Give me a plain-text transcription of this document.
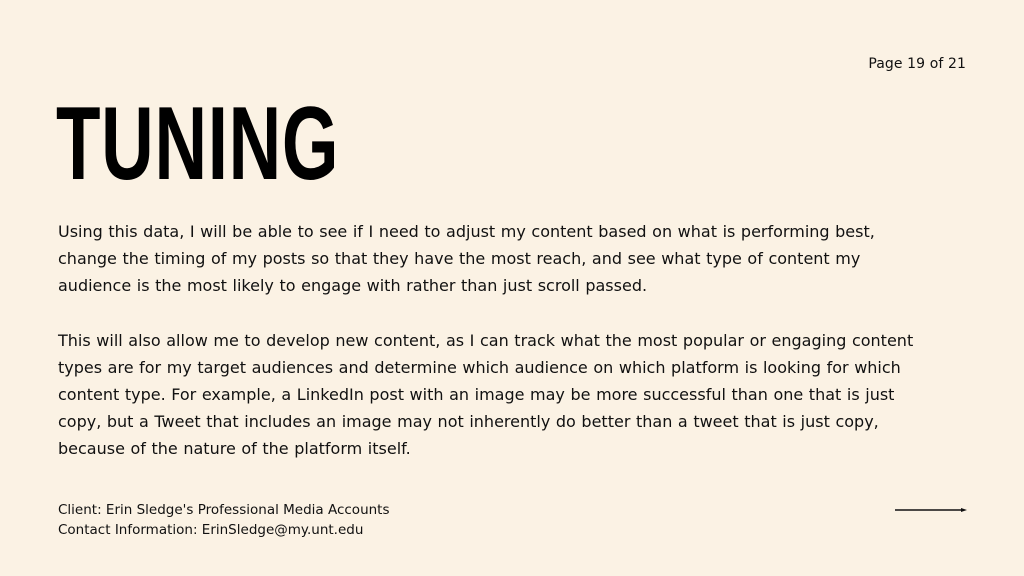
Page 19 of 21
TUNING

Using this data, I will be able to see if I need to adjust my content based on what is performing best, change the timing of my posts so that they have the most reach, and see what type of content my audience is the most likely to engage with rather than just scroll passed.

This will also allow me to develop new content, as I can track what the most popular or engaging content types are for my target audiences and determine which audience on which platform is looking for which content type. For example, a LinkedIn post with an image may be more successful than one that is just copy, but a Tweet that includes an image may not inherently do better than a tweet that is just copy, because of the nature of the platform itself.

Client: Erin Sledge's Professional Media Accounts
Contact Information: ErinSledge@my.unt.edu
